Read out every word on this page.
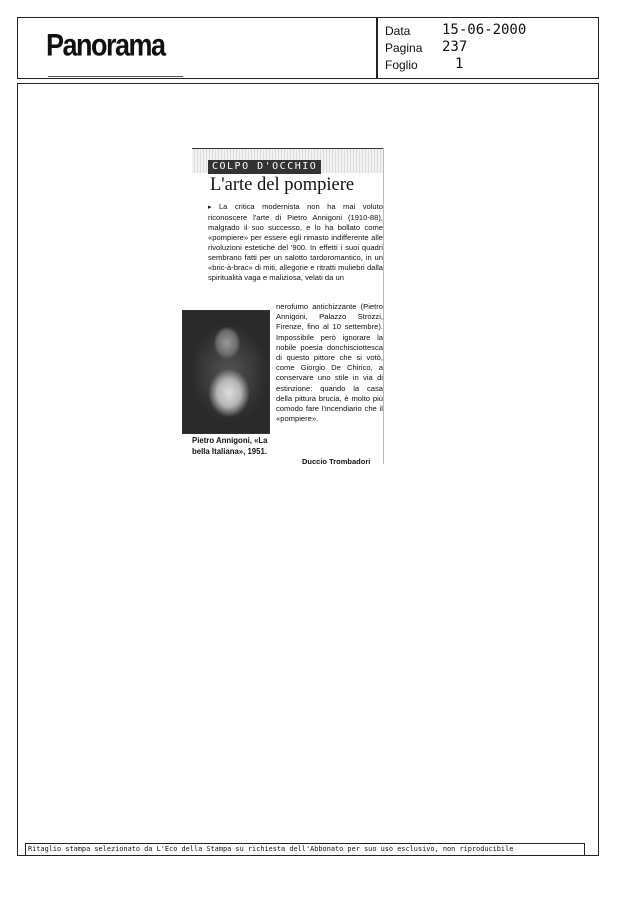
Panorama	Data 15-06-2000
Pagina 237
Foglio	1
COLPO D'OCCHIO
L'arte del pompiere
▸ La critica modernista non ha mai voluto riconoscere l'arte di Pietro Annigoni (1910-88), malgrado il suo successo, e lo ha bollato come «pompiere» per essere egli rimasto indifferente alle rivoluzioni estetiche del '900. In effetti i suoi quadri sembrano fatti per un salotto tardoromantico, in un «bric-à-brac» di miti, allegorie e ritratti muliebri dalla spiritualità vaga e maliziosa, velati da un
nerofumo antichizzante (Pietro Annigoni, Palazzo Strozzi, Firenze, fino al 10 settembre). Impossibile però ignorare la nobile poesia donchisciottesca di questo pittore che si votò, come Giorgio De Chirico, a conservare uno stile in via di estinzione: quando la casa della pittura brucia, è molto più comodo fare l'incendiario che il «pompiere».
Pietro Annigoni, «La bella Italiana», 1951.
Duccio Trombadori
Ritaglio stampa selezionato da L'Eco della Stampa su richiesta dell'Abbonato per suo uso esclusivo, non riproducibile
